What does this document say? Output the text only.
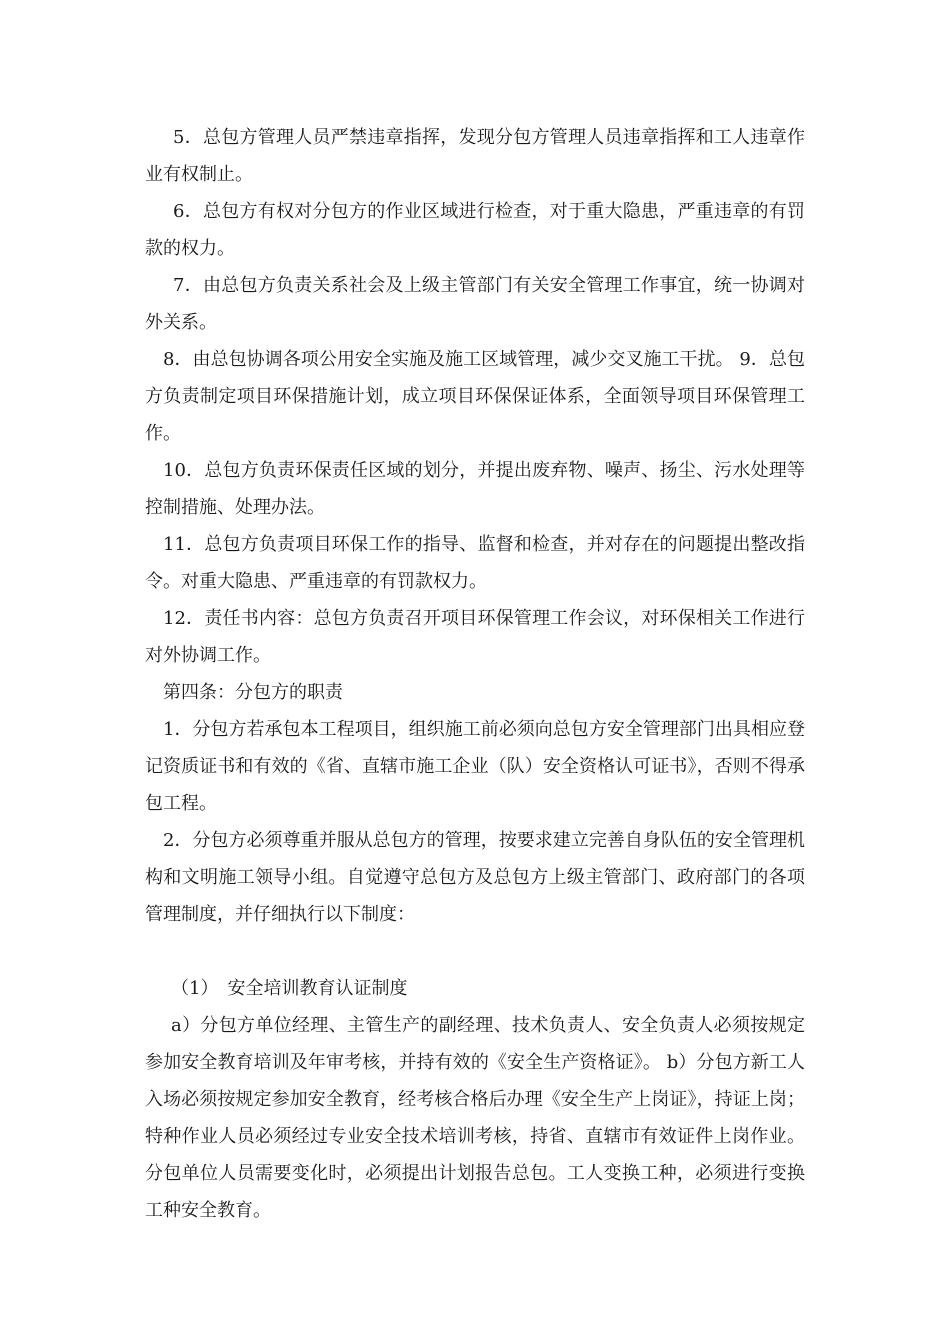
5．总包方管理人员严禁违章指挥，发现分包方管理人员违章指挥和工人违章作业有权制止。

6．总包方有权对分包方的作业区域进行检查，对于重大隐患，严重违章的有罚款的权力。

7．由总包方负责关系社会及上级主管部门有关安全管理工作事宜，统一协调对外关系。

8．由总包协调各项公用安全实施及施工区域管理，减少交叉施工干扰。 9．总包方负责制定项目环保措施计划，成立项目环保保证体系，全面领导项目环保管理工作。

10．总包方负责环保责任区域的划分，并提出废弃物、噪声、扬尘、污水处理等控制措施、处理办法。

11．总包方负责项目环保工作的指导、监督和检查，并对存在的问题提出整改指令。对重大隐患、严重违章的有罚款权力。

12．责任书内容：总包方负责召开项目环保管理工作会议，对环保相关工作进行对外协调工作。

第四条：分包方的职责

1．分包方若承包本工程项目，组织施工前必须向总包方安全管理部门出具相应登记资质证书和有效的《省、直辖市施工企业（队）安全资格认可证书》，否则不得承包工程。

2．分包方必须尊重并服从总包方的管理，按要求建立完善自身队伍的安全管理机构和文明施工领导小组。自觉遵守总包方及总包方上级主管部门、政府部门的各项管理制度，并仔细执行以下制度：

（1）　安全培训教育认证制度

a）分包方单位经理、主管生产的副经理、技术负责人、安全负责人必须按规定参加安全教育培训及年审考核，并持有效的《安全生产资格证》。 b）分包方新工人入场必须按规定参加安全教育，经考核合格后办理《安全生产上岗证》，持证上岗；特种作业人员必须经过专业安全技术培训考核，持省、直辖市有效证件上岗作业。分包单位人员需要变化时，必须提出计划报告总包。工人变换工种，必须进行变换工种安全教育。
